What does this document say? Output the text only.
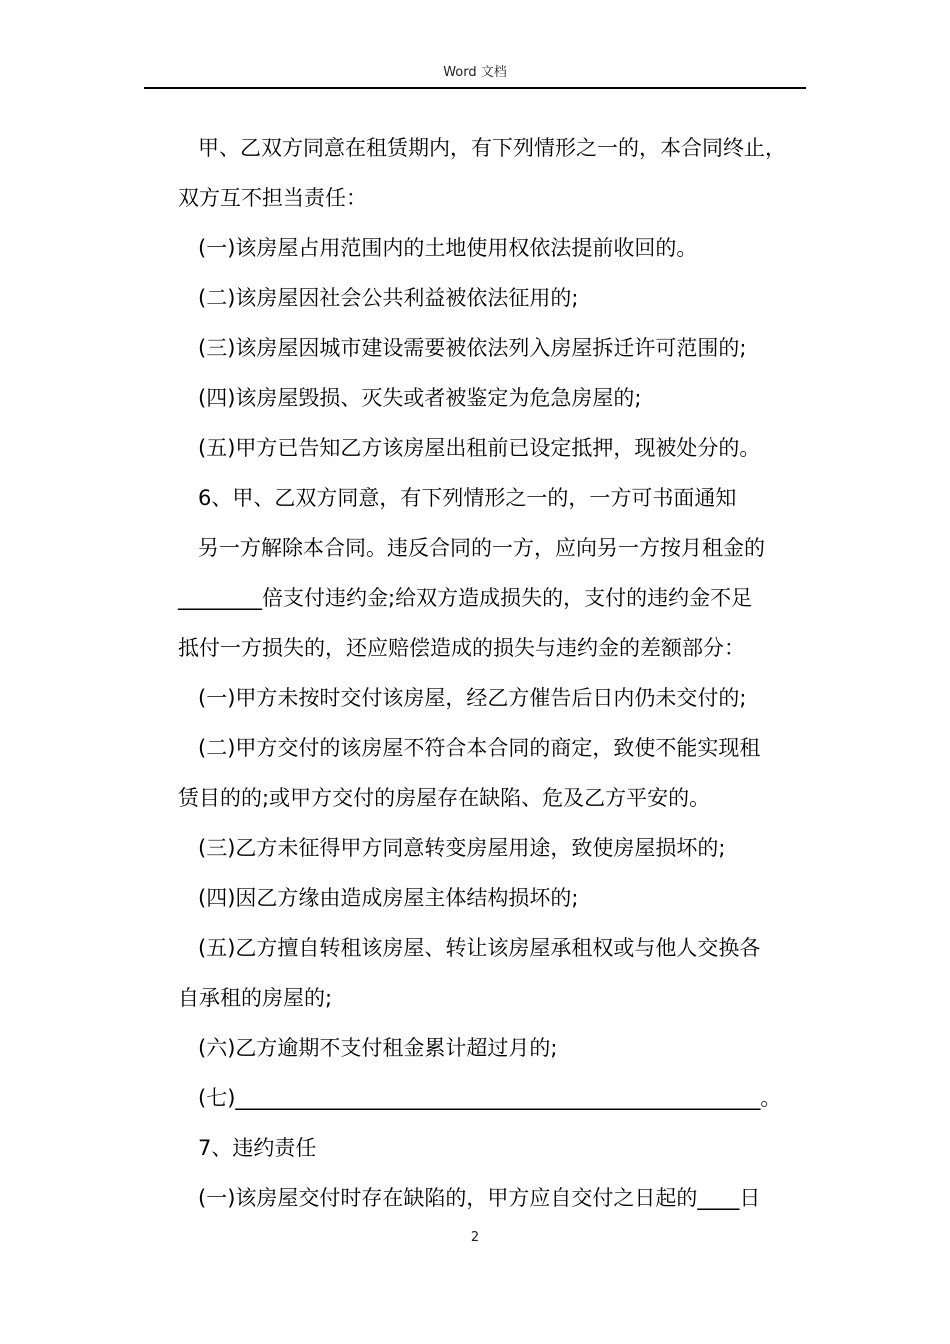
Word 文档
甲、乙双方同意在租赁期内，有下列情形之一的，本合同终止，
双方互不担当责任：
(一)该房屋占用范围内的土地使用权依法提前收回的。
(二)该房屋因社会公共利益被依法征用的;
(三)该房屋因城市建设需要被依法列入房屋拆迁许可范围的;
(四)该房屋毁损、灭失或者被鉴定为危急房屋的;
(五)甲方已告知乙方该房屋出租前已设定抵押，现被处分的。
6、甲、乙双方同意，有下列情形之一的，一方可书面通知
另一方解除本合同。违反合同的一方，应向另一方按月租金的
________倍支付违约金;给双方造成损失的，支付的违约金不足
抵付一方损失的，还应赔偿造成的损失与违约金的差额部分：
(一)甲方未按时交付该房屋，经乙方催告后日内仍未交付的;
(二)甲方交付的该房屋不符合本合同的商定，致使不能实现租
赁目的的;或甲方交付的房屋存在缺陷、危及乙方平安的。
(三)乙方未征得甲方同意转变房屋用途，致使房屋损坏的;
(四)因乙方缘由造成房屋主体结构损坏的;
(五)乙方擅自转租该房屋、转让该房屋承租权或与他人交换各
自承租的房屋的;
(六)乙方逾期不支付租金累计超过月的;
(七)__________________________________________________。
7、违约责任
(一)该房屋交付时存在缺陷的，甲方应自交付之日起的____日
2
